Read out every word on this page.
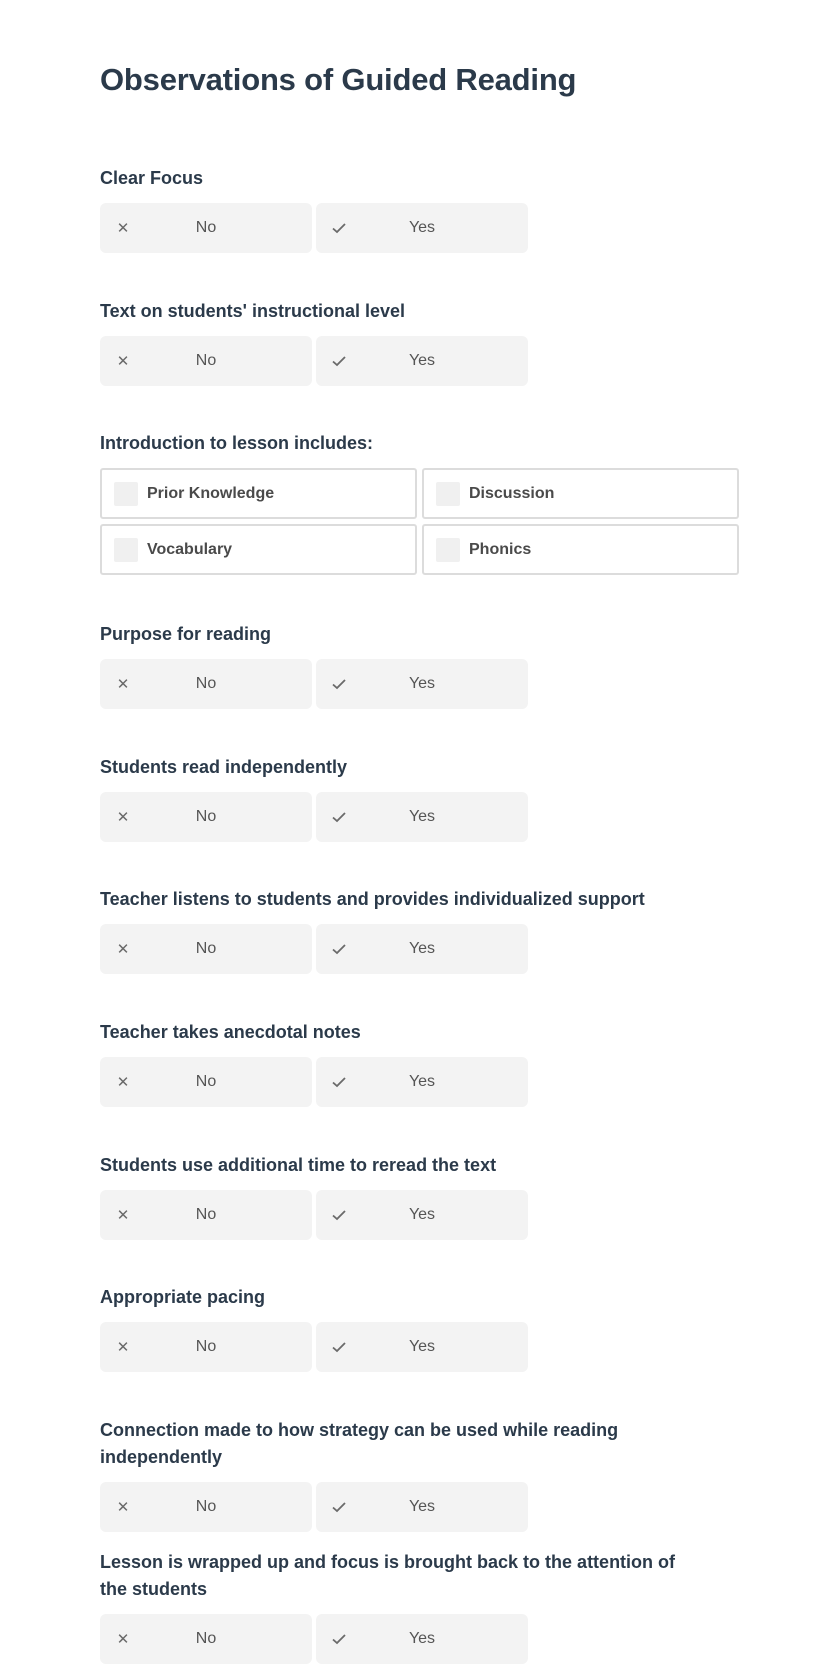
Observations of Guided Reading
Clear Focus
✕	No	Yes
Text on students' instructional level
✕	No	Yes
Introduction to lesson includes:
Prior Knowledge	Discussion
Vocabulary	Phonics
Purpose for reading
✕	No	Yes
Students read independently
✕	No	Yes
Teacher listens to students and provides individualized support
✕	No	Yes
Teacher takes anecdotal notes
✕	No	Yes
Students use additional time to reread the text
✕	No	Yes
Appropriate pacing
✕	No	Yes
Connection made to how strategy can be used while reading independently
✕	No	Yes
Lesson is wrapped up and focus is brought back to the attention of the students
✕	No	Yes
